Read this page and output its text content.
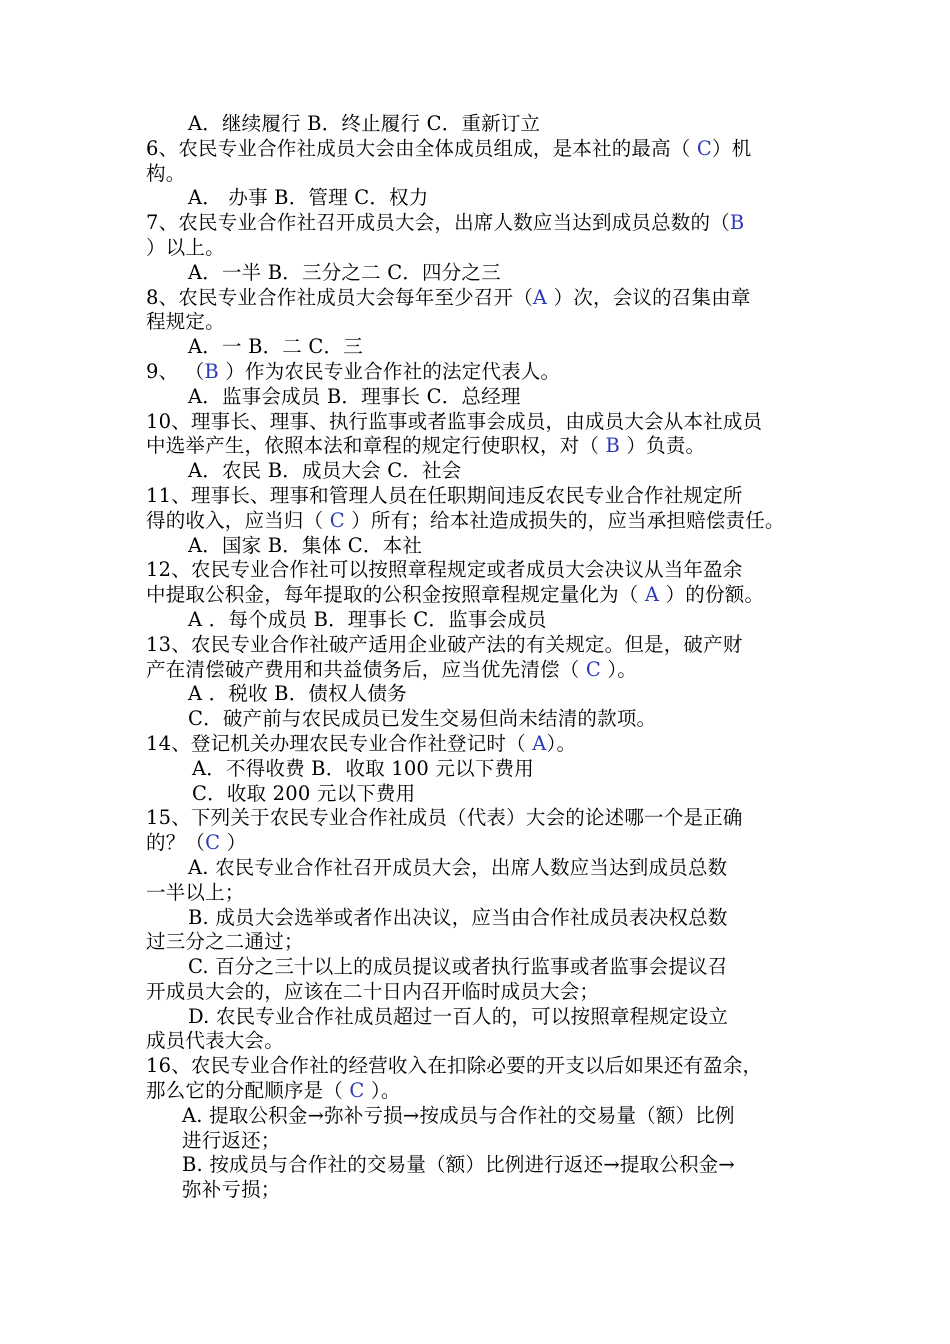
A．继续履行 B．终止履行 C．重新订立
6、农民专业合作社成员大会由全体成员组成，是本社的最高（ C）机
构。
A． 办事 B．管理 C．权力
7、农民专业合作社召开成员大会，出席人数应当达到成员总数的（B
）以上。
A．一半 B．三分之二 C．四分之三
8、农民专业合作社成员大会每年至少召开（A ）次，会议的召集由章
程规定。
A．一 B．二 C．三
9、 （B ）作为农民专业合作社的法定代表人。
A．监事会成员 B．理事长 C．总经理
10、理事长、理事、执行监事或者监事会成员，由成员大会从本社成员
中选举产生，依照本法和章程的规定行使职权，对（ B ）负责。
A．农民 B．成员大会 C．社会
11、理事长、理事和管理人员在任职期间违反农民专业合作社规定所
得的收入，应当归（ C ）所有；给本社造成损失的，应当承担赔偿责任。
A．国家 B．集体 C．本社
12、农民专业合作社可以按照章程规定或者成员大会决议从当年盈余
中提取公积金，每年提取的公积金按照章程规定量化为（ A ）的份额。
A ．每个成员 B．理事长 C．监事会成员
13、农民专业合作社破产适用企业破产法的有关规定。但是，破产财
产在清偿破产费用和共益债务后，应当优先清偿（ C ）。
A ．税收 B．债权人债务
C．破产前与农民成员已发生交易但尚未结清的款项。
14、登记机关办理农民专业合作社登记时（ A）。
A．不得收费 B．收取 100 元以下费用
C．收取 200 元以下费用
15、下列关于农民专业合作社成员（代表）大会的论述哪一个是正确
的？（C ）
A. 农民专业合作社召开成员大会，出席人数应当达到成员总数
一半以上；
B. 成员大会选举或者作出决议，应当由合作社成员表决权总数
过三分之二通过；
C. 百分之三十以上的成员提议或者执行监事或者监事会提议召
开成员大会的，应该在二十日内召开临时成员大会；
D. 农民专业合作社成员超过一百人的，可以按照章程规定设立
成员代表大会。
16、农民专业合作社的经营收入在扣除必要的开支以后如果还有盈余，
那么它的分配顺序是（ C ）。
A. 提取公积金→弥补亏损→按成员与合作社的交易量（额）比例
进行返还；
B. 按成员与合作社的交易量（额）比例进行返还→提取公积金→
弥补亏损；
